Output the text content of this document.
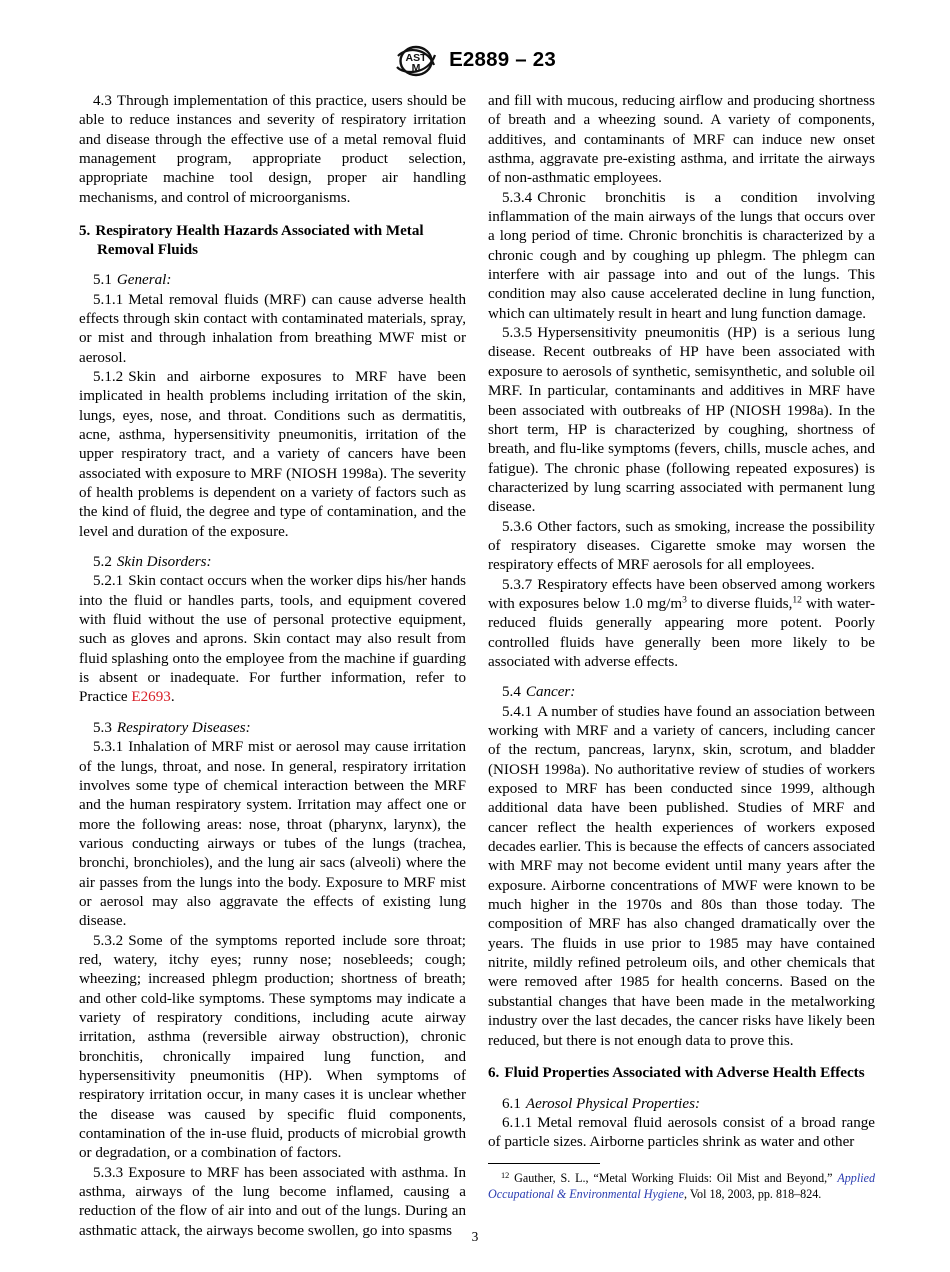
AST
M E2889 – 23

4.3 Through implementation of this practice, users should be able to reduce instances and severity of respiratory irritation and disease through the effective use of a metal removal fluid management program, appropriate product selection, appropriate machine tool design, proper air handling mechanisms, and control of microorganisms.

5. Respiratory Health Hazards Associated with Metal Removal Fluids

5.1 General:

5.1.1 Metal removal fluids (MRF) can cause adverse health effects through skin contact with contaminated materials, spray, or mist and through inhalation from breathing MWF mist or aerosol.

5.1.2 Skin and airborne exposures to MRF have been implicated in health problems including irritation of the skin, lungs, eyes, nose, and throat. Conditions such as dermatitis, acne, asthma, hypersensitivity pneumonitis, irritation of the upper respiratory tract, and a variety of cancers have been associated with exposure to MRF (NIOSH 1998a). The severity of health problems is dependent on a variety of factors such as the kind of fluid, the degree and type of contamination, and the level and duration of the exposure.

5.2 Skin Disorders:

5.2.1 Skin contact occurs when the worker dips his/her hands into the fluid or handles parts, tools, and equipment covered with fluid without the use of personal protective equipment, such as gloves and aprons. Skin contact may also result from fluid splashing onto the employee from the machine if guarding is absent or inadequate. For further information, refer to Practice E2693.

5.3 Respiratory Diseases:

5.3.1 Inhalation of MRF mist or aerosol may cause irritation of the lungs, throat, and nose. In general, respiratory irritation involves some type of chemical interaction between the MRF and the human respiratory system. Irritation may affect one or more the following areas: nose, throat (pharynx, larynx), the various conducting airways or tubes of the lungs (trachea, bronchi, bronchioles), and the lung air sacs (alveoli) where the air passes from the lungs into the body. Exposure to MRF mist or aerosol may also aggravate the effects of existing lung disease.

5.3.2 Some of the symptoms reported include sore throat; red, watery, itchy eyes; runny nose; nosebleeds; cough; wheezing; increased phlegm production; shortness of breath; and other cold-like symptoms. These symptoms may indicate a variety of respiratory conditions, including acute airway irritation, asthma (reversible airway obstruction), chronic bronchitis, chronically impaired lung function, and hypersensitivity pneumonitis (HP). When symptoms of respiratory irritation occur, in many cases it is unclear whether the disease was caused by specific fluid components, contamination of the in-use fluid, products of microbial growth or degradation, or a combination of factors.

5.3.3 Exposure to MRF has been associated with asthma. In asthma, airways of the lung become inflamed, causing a reduction of the flow of air into and out of the lungs. During an asthmatic attack, the airways become swollen, go into spasms

and fill with mucous, reducing airflow and producing shortness of breath and a wheezing sound. A variety of components, additives, and contaminants of MRF can induce new onset asthma, aggravate pre-existing asthma, and irritate the airways of non-asthmatic employees.

5.3.4 Chronic bronchitis is a condition involving inflammation of the main airways of the lungs that occurs over a long period of time. Chronic bronchitis is characterized by a chronic cough and by coughing up phlegm. The phlegm can interfere with air passage into and out of the lungs. This condition may also cause accelerated decline in lung function, which can ultimately result in heart and lung function damage.

5.3.5 Hypersensitivity pneumonitis (HP) is a serious lung disease. Recent outbreaks of HP have been associated with exposure to aerosols of synthetic, semisynthetic, and soluble oil MRF. In particular, contaminants and additives in MRF have been associated with outbreaks of HP (NIOSH 1998a). In the short term, HP is characterized by coughing, shortness of breath, and flu-like symptoms (fevers, chills, muscle aches, and fatigue). The chronic phase (following repeated exposures) is characterized by lung scarring associated with permanent lung disease.

5.3.6 Other factors, such as smoking, increase the possibility of respiratory diseases. Cigarette smoke may worsen the respiratory effects of MRF aerosols for all employees.

5.3.7 Respiratory effects have been observed among workers with exposures below 1.0 $mg/m^3$ to diverse fluids,$^{12}$ with water-reduced fluids generally appearing more potent. Poorly controlled fluids have generally been more likely to be associated with adverse effects.

5.4 Cancer:

5.4.1 A number of studies have found an association between working with MRF and a variety of cancers, including cancer of the rectum, pancreas, larynx, skin, scrotum, and bladder (NIOSH 1998a). No authoritative review of studies of workers exposed to MRF has been conducted since 1999, although additional data have been published. Studies of MRF and cancer reflect the health experiences of workers exposed decades earlier. This is because the effects of cancers associated with MRF may not become evident until many years after the exposure. Airborne concentrations of MWF were known to be much higher in the 1970s and 80s than those today. The composition of MRF has also changed dramatically over the years. The fluids in use prior to 1985 may have contained nitrite, mildly refined petroleum oils, and other chemicals that were removed after 1985 for health concerns. Based on the substantial changes that have been made in the metalworking industry over the last decades, the cancer risks have likely been reduced, but there is not enough data to prove this.

6. Fluid Properties Associated with Adverse Health Effects

6.1 Aerosol Physical Properties:

6.1.1 Metal removal fluid aerosols consist of a broad range of particle sizes. Airborne particles shrink as water and other

$^{12}$ Gauther, S. L., “Metal Working Fluids: Oil Mist and Beyond,” Applied Occupational & Environmental Hygiene, Vol 18, 2003, pp. 818–824.

3
